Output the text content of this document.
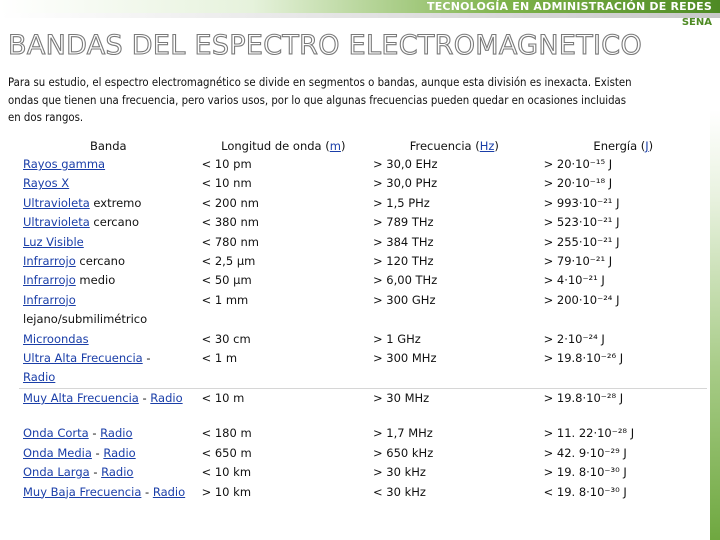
TECNOLOGÍA EN ADMINISTRACIÓN DE REDES
SENA
BANDAS DEL ESPECTRO ELECTROMAGNETICO
Para su estudio, el espectro electromagnético se divide en segmentos o bandas, aunque esta división es inexacta. Existen
ondas que tienen una frecuencia, pero varios usos, por lo que algunas frecuencias pueden quedar en ocasiones incluidas
en dos rangos.
Banda	Longitud de onda (m)	Frecuencia (Hz)	Energía (J)
Rayos gamma	< 10 pm	> 30,0 EHz	> 20·10⁻¹⁵ J
Rayos X	< 10 nm	> 30,0 PHz	> 20·10⁻¹⁸ J
Ultravioleta extremo	< 200 nm	> 1,5 PHz	> 993·10⁻²¹ J
Ultravioleta cercano	< 380 nm	> 789 THz	> 523·10⁻²¹ J
Luz Visible	< 780 nm	> 384 THz	> 255·10⁻²¹ J
Infrarrojo cercano	< 2,5 µm	> 120 THz	> 79·10⁻²¹ J
Infrarrojo medio	< 50 µm	> 6,00 THz	> 4·10⁻²¹ J
Infrarrojo
lejano/submilimétrico	< 1 mm	> 300 GHz	> 200·10⁻²⁴ J
Microondas	< 30 cm	> 1 GHz	> 2·10⁻²⁴ J
Ultra Alta Frecuencia -
Radio	< 1 m	> 300 MHz	> 19.8·10⁻²⁶ J
Muy Alta Frecuencia - Radio	< 10 m	> 30 MHz	> 19.8·10⁻²⁸ J

Onda Corta - Radio	< 180 m	> 1,7 MHz	> 11. 22·10⁻²⁸ J
Onda Media - Radio	< 650 m	> 650 kHz	> 42. 9·10⁻²⁹ J
Onda Larga - Radio	< 10 km	> 30 kHz	> 19. 8·10⁻³⁰ J
Muy Baja Frecuencia - Radio	> 10 km	< 30 kHz	< 19. 8·10⁻³⁰ J
